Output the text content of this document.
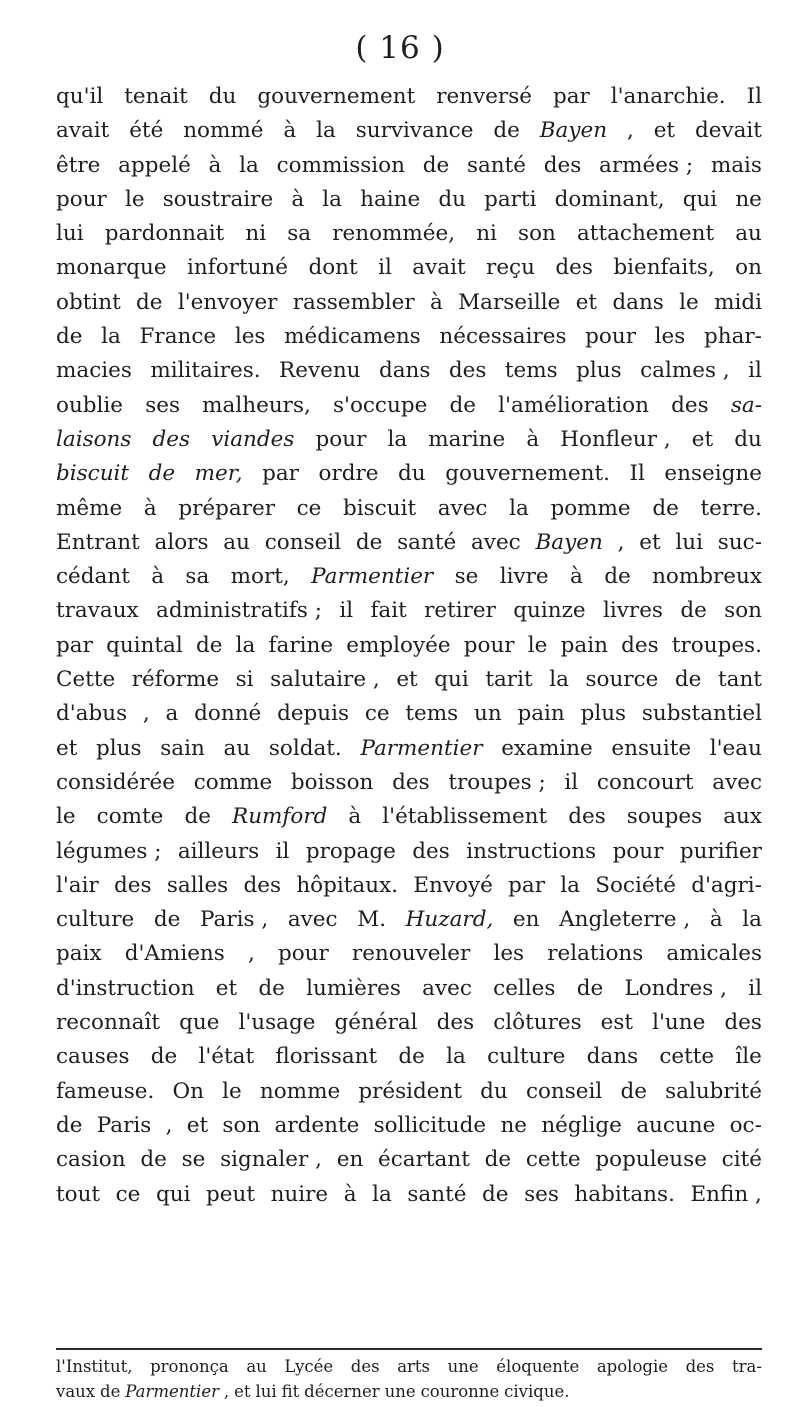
( 16 )
qu'il tenait du gouvernement renversé par l'anarchie. Il
avait été nommé à la survivance de Bayen , et devait
être appelé à la commission de santé des armées ; mais
pour le soustraire à la haine du parti dominant, qui ne
lui pardonnait ni sa renommée, ni son attachement au
monarque infortuné dont il avait reçu des bienfaits, on
obtint de l'envoyer rassembler à Marseille et dans le midi
de la France les médicamens nécessaires pour les phar-
macies militaires. Revenu dans des tems plus calmes , il
oublie ses malheurs, s'occupe de l'amélioration des sa-
laisons des viandes pour la marine à Honfleur , et du
biscuit de mer, par ordre du gouvernement. Il enseigne
même à préparer ce biscuit avec la pomme de terre.
Entrant alors au conseil de santé avec Bayen , et lui suc-
cédant à sa mort, Parmentier se livre à de nombreux
travaux administratifs ; il fait retirer quinze livres de son
par quintal de la farine employée pour le pain des troupes.
Cette réforme si salutaire , et qui tarit la source de tant
d'abus , a donné depuis ce tems un pain plus substantiel
et plus sain au soldat. Parmentier examine ensuite l'eau
considérée comme boisson des troupes ; il concourt avec
le comte de Rumford à l'établissement des soupes aux
légumes ; ailleurs il propage des instructions pour purifier
l'air des salles des hôpitaux. Envoyé par la Société d'agri-
culture de Paris , avec M. Huzard, en Angleterre , à la
paix d'Amiens , pour renouveler les relations amicales
d'instruction et de lumières avec celles de Londres , il
reconnaît que l'usage général des clôtures est l'une des
causes de l'état florissant de la culture dans cette île
fameuse. On le nomme président du conseil de salubrité
de Paris , et son ardente sollicitude ne néglige aucune oc-
casion de se signaler , en écartant de cette populeuse cité
tout ce qui peut nuire à la santé de ses habitans. Enfin ,
l'Institut, prononça au Lycée des arts une éloquente apologie des tra-
vaux de Parmentier , et lui fit décerner une couronne civique.
